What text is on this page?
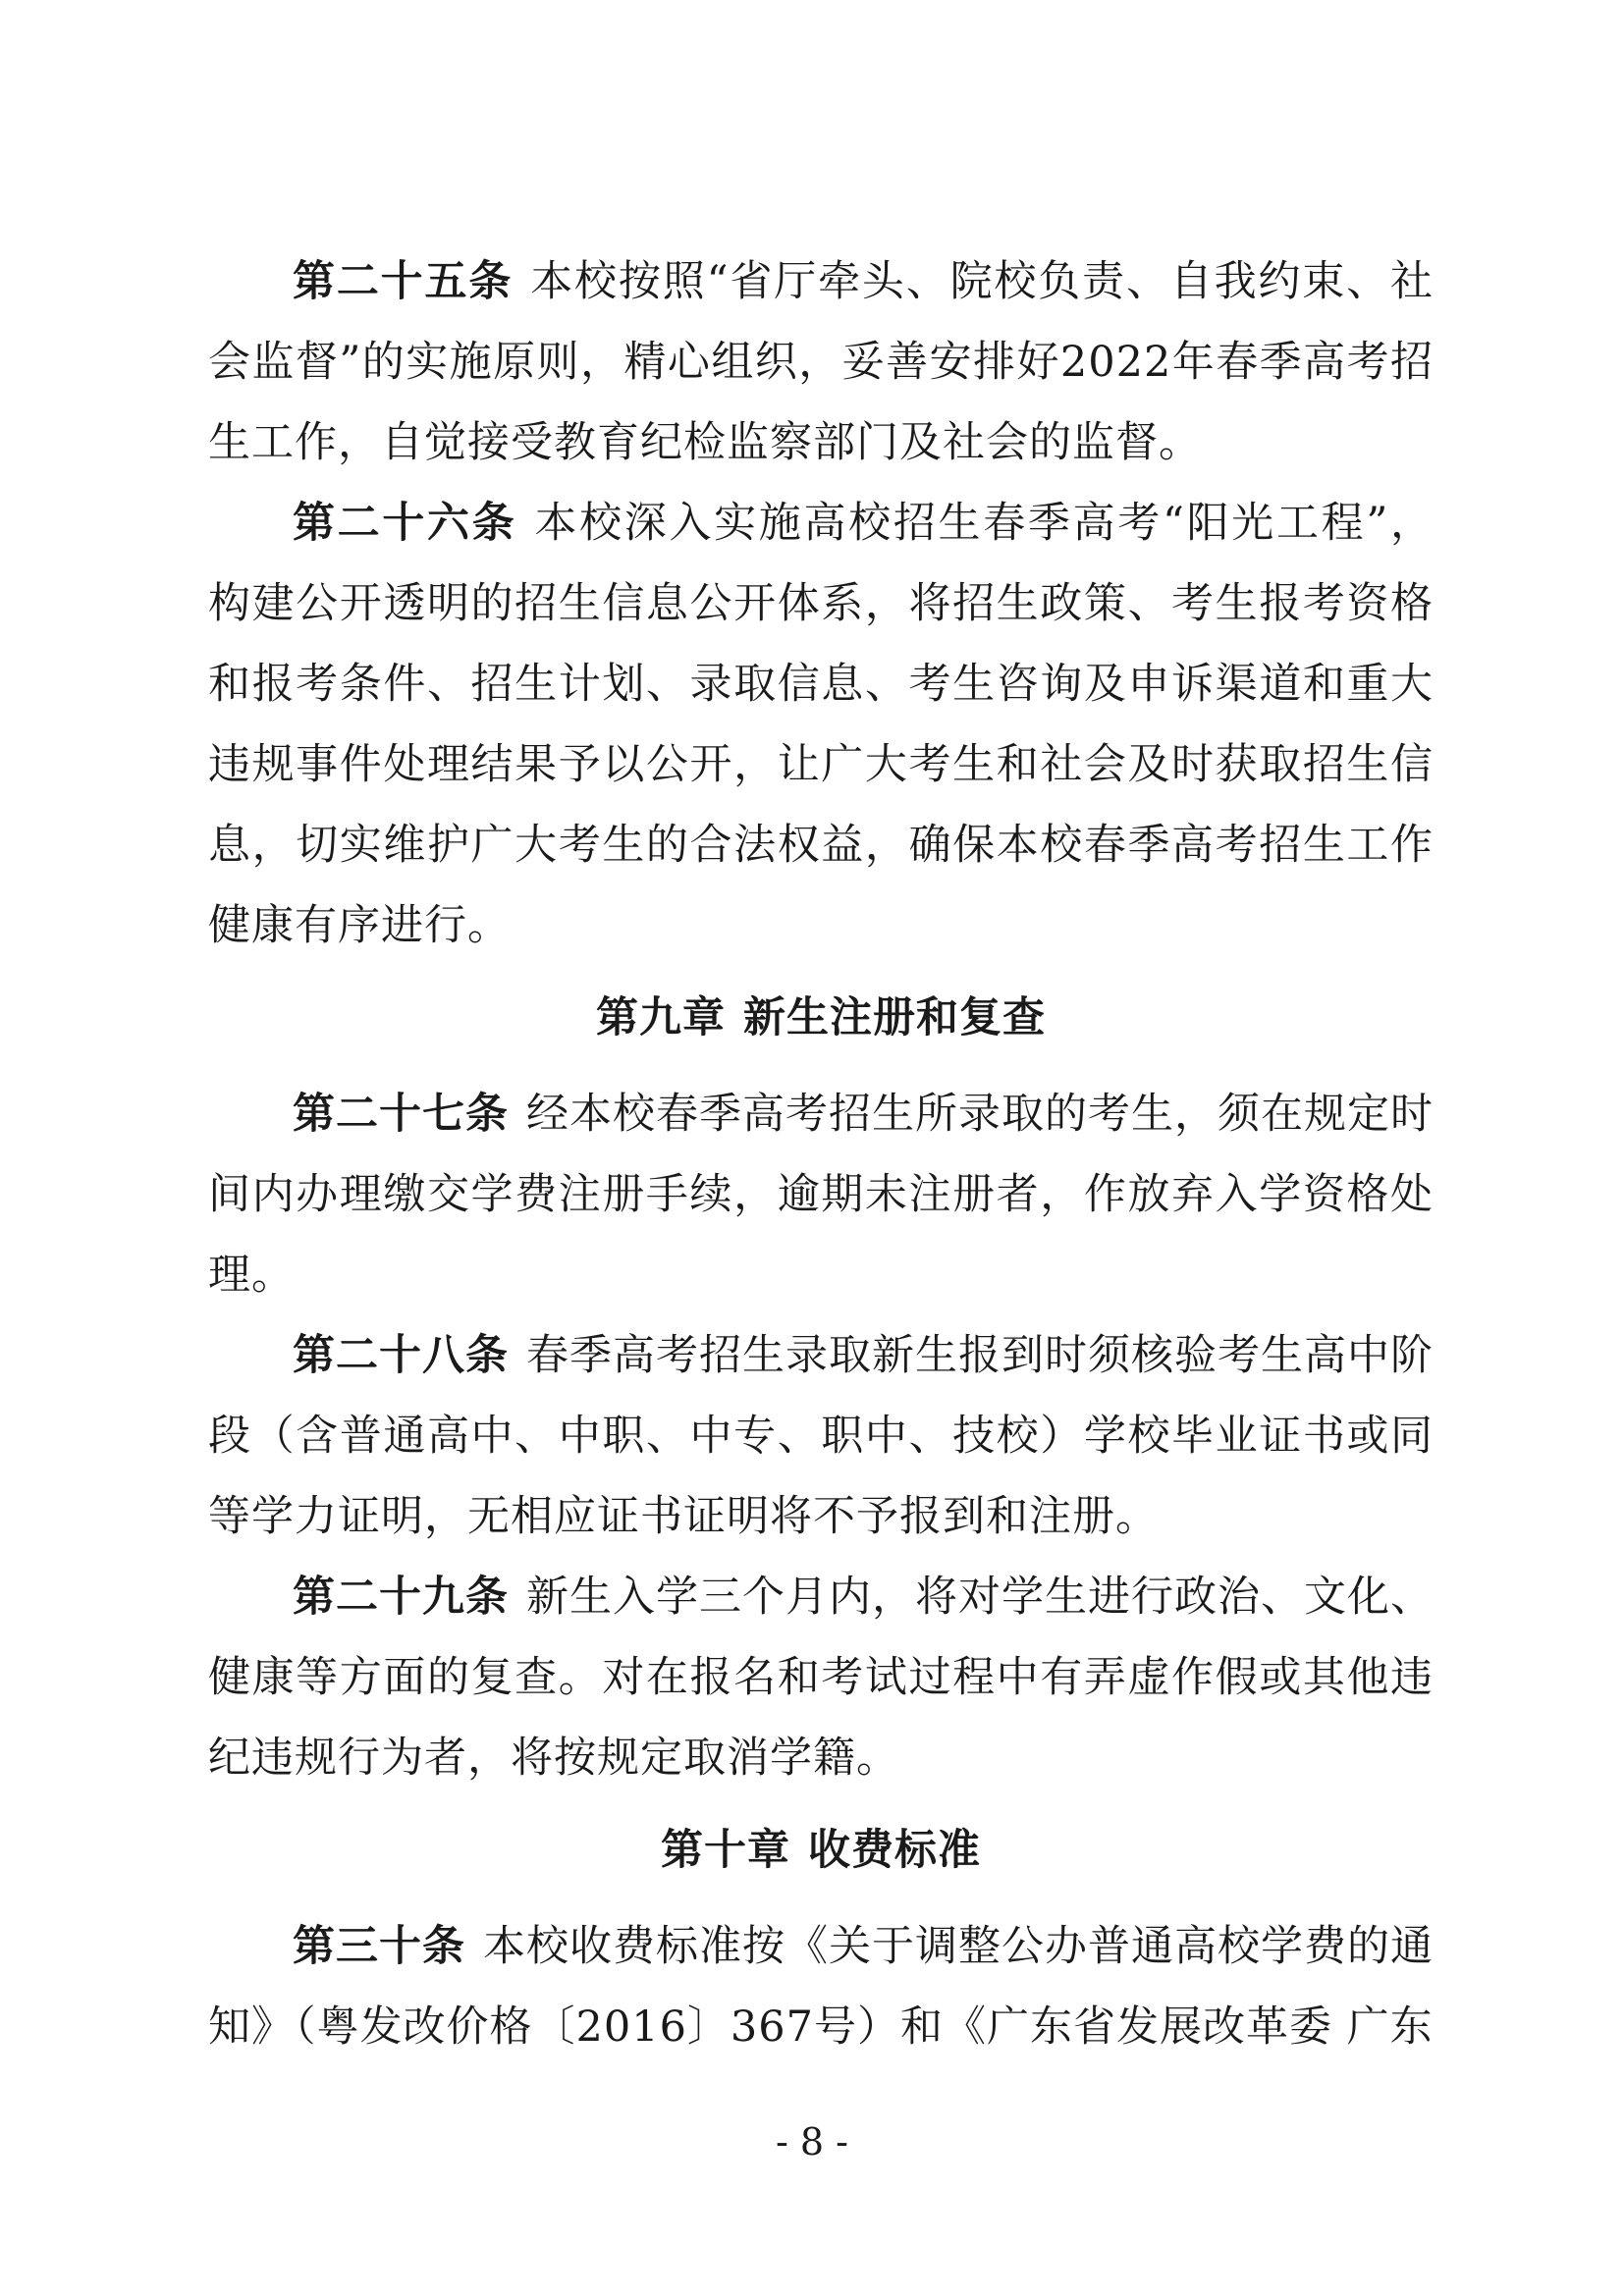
第二十五条 本校按照“省厅牵头、院校负责、自我约束、社会监督”的实施原则，精心组织，妥善安排好2022年春季高考招生工作，自觉接受教育纪检监察部门及社会的监督。

第二十六条 本校深入实施高校招生春季高考“阳光工程”，构建公开透明的招生信息公开体系，将招生政策、考生报考资格和报考条件、招生计划、录取信息、考生咨询及申诉渠道和重大违规事件处理结果予以公开，让广大考生和社会及时获取招生信息，切实维护广大考生的合法权益，确保本校春季高考招生工作健康有序进行。

第九章 新生注册和复查

第二十七条 经本校春季高考招生所录取的考生，须在规定时间内办理缴交学费注册手续，逾期未注册者，作放弃入学资格处理。

第二十八条 春季高考招生录取新生报到时须核验考生高中阶段（含普通高中、中职、中专、职中、技校）学校毕业证书或同等学力证明，无相应证书证明将不予报到和注册。

第二十九条 新生入学三个月内，将对学生进行政治、文化、健康等方面的复查。对在报名和考试过程中有弄虚作假或其他违纪违规行为者，将按规定取消学籍。

第十章 收费标准

第三十条 本校收费标准按《关于调整公办普通高校学费的通知》（粤发改价格〔2016〕367号）和《广东省发展改革委 广东

- 8 -
